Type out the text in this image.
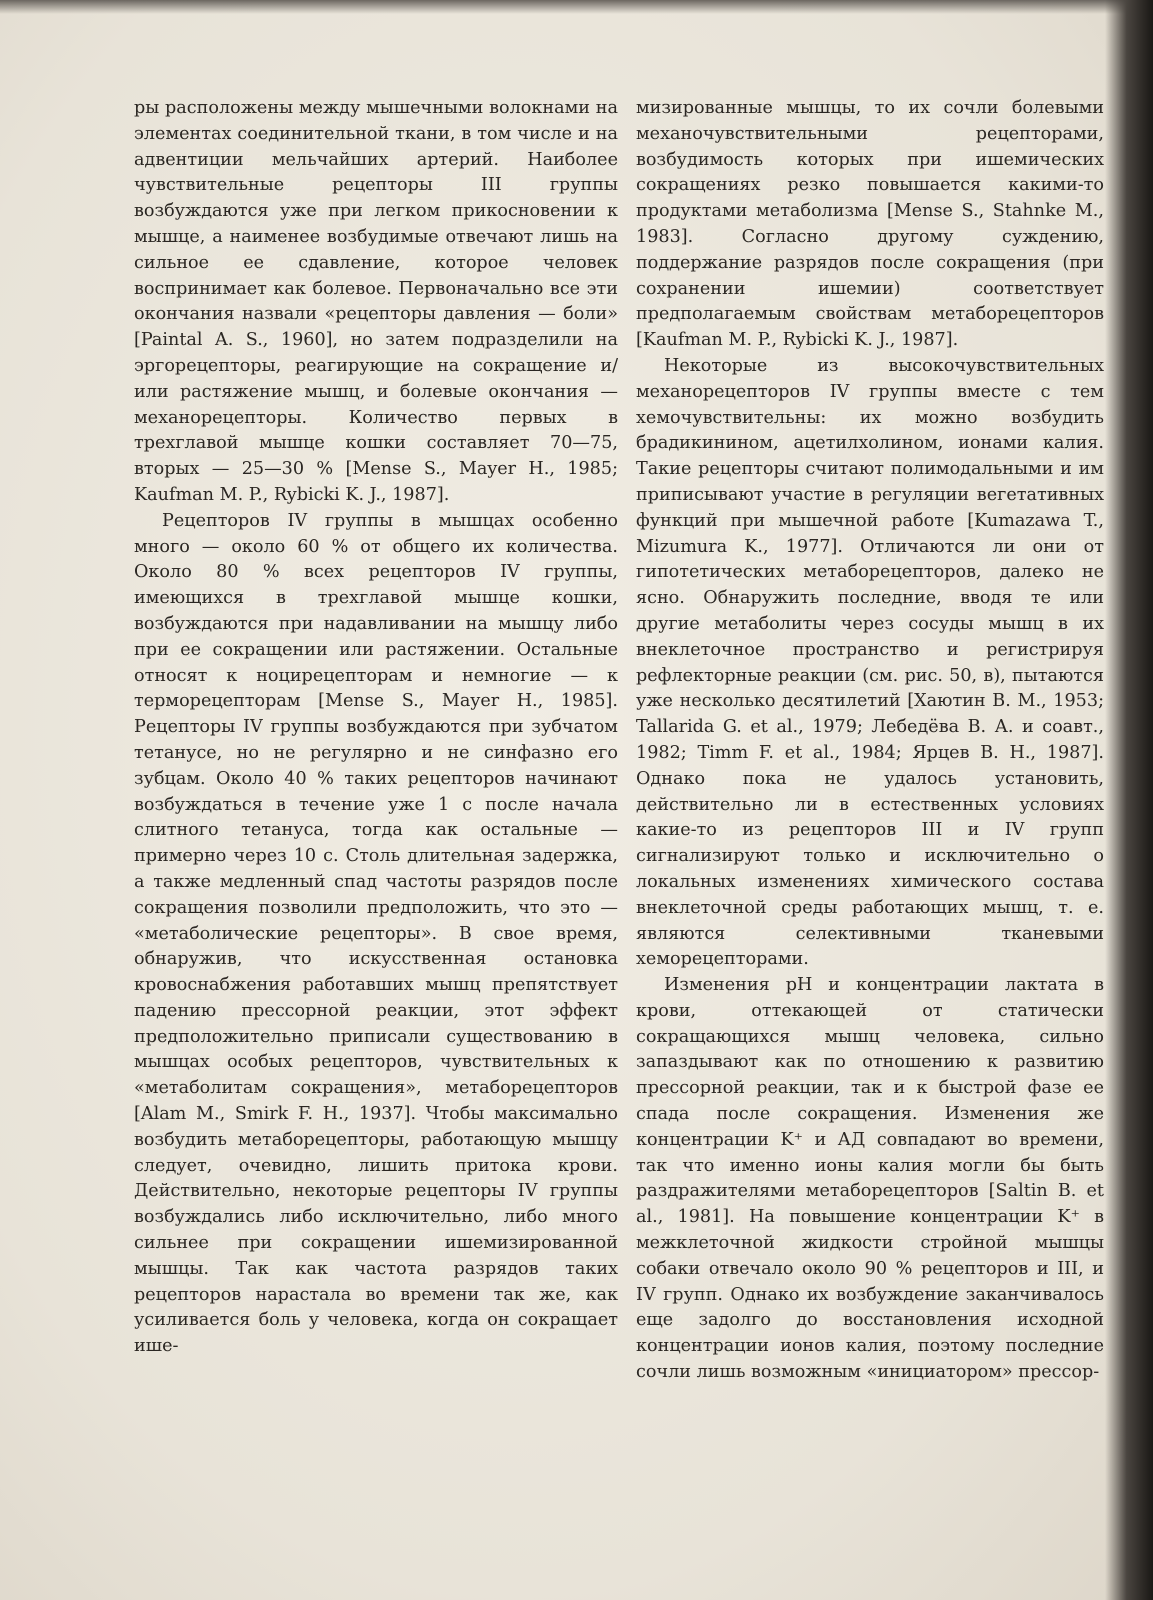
ры расположены между мышечными волокнами на элементах соединительной ткани, в том числе и на адвентиции мельчайших артерий. Наиболее чувствительные рецепторы III группы возбуждаются уже при легком прикосновении к мышце, а наименее возбудимые отвечают лишь на сильное ее сдавление, которое человек воспринимает как болевое. Первоначально все эти окончания назвали «рецепторы давления — боли» [Paintal A. S., 1960], но затем подразделили на эргорецепторы, реагирующие на сокращение и/или растяжение мышц, и болевые окончания — механорецепторы. Количество первых в трехглавой мышце кошки составляет 70—75, вторых — 25—30 % [Mense S., Mayer H., 1985; Kaufman M. P., Rybicki K. J., 1987].

Рецепторов IV группы в мышцах особенно много — около 60 % от общего их количества. Около 80 % всех рецепторов IV группы, имеющихся в трехглавой мышце кошки, возбуждаются при надавливании на мышцу либо при ее сокращении или растяжении. Остальные относят к ноцирецепторам и немногие — к терморецепторам [Mense S., Mayer H., 1985]. Рецепторы IV группы возбуждаются при зубчатом тетанусе, но не регулярно и не синфазно его зубцам. Около 40 % таких рецепторов начинают возбуждаться в течение уже 1 с после начала слитного тетануса, тогда как остальные — примерно через 10 с. Столь длительная задержка, а также медленный спад частоты разрядов после сокращения позволили предположить, что это — «метаболические рецепторы». В свое время, обнаружив, что искусственная остановка кровоснабжения работавших мышц препятствует падению прессорной реакции, этот эффект предположительно приписали существованию в мышцах особых рецепторов, чувствительных к «метаболитам сокращения», метаборецепторов [Alam M., Smirk F. H., 1937]. Чтобы максимально возбудить метаборецепторы, работающую мышцу следует, очевидно, лишить притока крови. Действительно, некоторые рецепторы IV группы возбуждались либо исключительно, либо много сильнее при сокращении ишемизированной мышцы. Так как частота разрядов таких рецепторов нарастала во времени так же, как усиливается боль у человека, когда он сокращает ише-

мизированные мышцы, то их сочли болевыми механочувствительными рецепторами, возбудимость которых при ишемических сокращениях резко повышается какими-то продуктами метаболизма [Mense S., Stahnke M., 1983]. Согласно другому суждению, поддержание разрядов после сокращения (при сохранении ишемии) соответствует предполагаемым свойствам метаборецепторов [Kaufman M. P., Rybicki K. J., 1987].

Некоторые из высокочувствительных механорецепторов IV группы вместе с тем хемочувствительны: их можно возбудить брадикинином, ацетилхолином, ионами калия. Такие рецепторы считают полимодальными и им приписывают участие в регуляции вегетативных функций при мышечной работе [Kumazawa T., Mizumura K., 1977]. Отличаются ли они от гипотетических метаборецепторов, далеко не ясно. Обнаружить последние, вводя те или другие метаболиты через сосуды мышц в их внеклеточное пространство и регистрируя рефлекторные реакции (см. рис. 50, в), пытаются уже несколько десятилетий [Хаютин В. М., 1953; Tallarida G. et al., 1979; Лебедёва В. А. и соавт., 1982; Timm F. et al., 1984; Ярцев В. Н., 1987]. Однако пока не удалось установить, действительно ли в естественных условиях какие-то из рецепторов III и IV групп сигнализируют только и исключительно о локальных изменениях химического состава внеклеточной среды работающих мышц, т. е. являются селективными тканевыми хеморецепторами.

Изменения pH и концентрации лактата в крови, оттекающей от статически сокращающихся мышц человека, сильно запаздывают как по отношению к развитию прессорной реакции, так и к быстрой фазе ее спада после сокращения. Изменения же концентрации K⁺ и АД совпадают во времени, так что именно ионы калия могли бы быть раздражителями метаборецепторов [Saltin B. et al., 1981]. На повышение концентрации K⁺ в межклеточной жидкости стройной мышцы собаки отвечало около 90 % рецепторов и III, и IV групп. Однако их возбуждение заканчивалось еще задолго до восстановления исходной концентрации ионов калия, поэтому последние сочли лишь возможным «инициатором» прессор-
